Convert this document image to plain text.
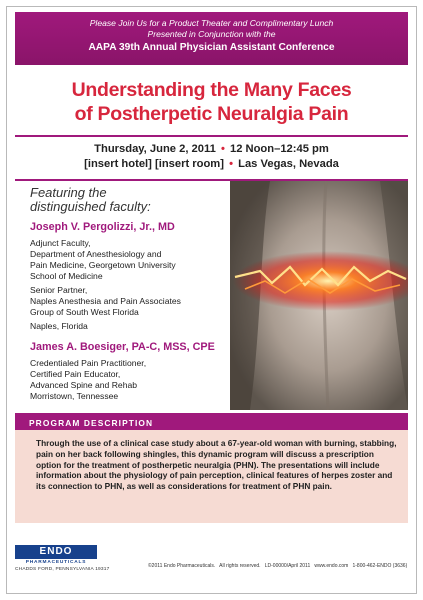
Please Join Us for a Product Theater and Complimentary Lunch
Presented in Conjunction with the
AAPA 39th Annual Physician Assistant Conference
Understanding the Many Faces
of Postherpetic Neuralgia Pain
Thursday, June 2, 2011 • 12 Noon–12:45 pm
[insert hotel] [insert room] • Las Vegas, Nevada
Featuring the
distinguished faculty:
Joseph V. Pergolizzi, Jr., MD
Adjunct Faculty,
Department of Anesthesiology and
Pain Medicine, Georgetown University
School of Medicine
Senior Partner,
Naples Anesthesia and Pain Associates
Group of South West Florida
Naples, Florida
James A. Boesiger, PA-C, MSS, CPE
Credentialed Pain Practitioner,
Certified Pain Educator,
Advanced Spine and Rehab
Morristown, Tennessee
PROGRAM DESCRIPTION

Through the use of a clinical case study about a 67-year-old woman with burning, stabbing, pain on her back following shingles, this dynamic program will discuss a prescription option for the treatment of postherpetic neuralgia (PHN). The presentations will include information about the physiology of pain perception, clinical features of herpes zoster and its connection to PHN, as well as considerations for treatment of PHN pain.

ENDO
PHARMACEUTICALS
CHADDS FORD, PENNSYLVANIA 19317
©2011 Endo Pharmaceuticals. All rights reserved. LD-00000/April 2011 www.endo.com 1-800-462-ENDO (3636)
